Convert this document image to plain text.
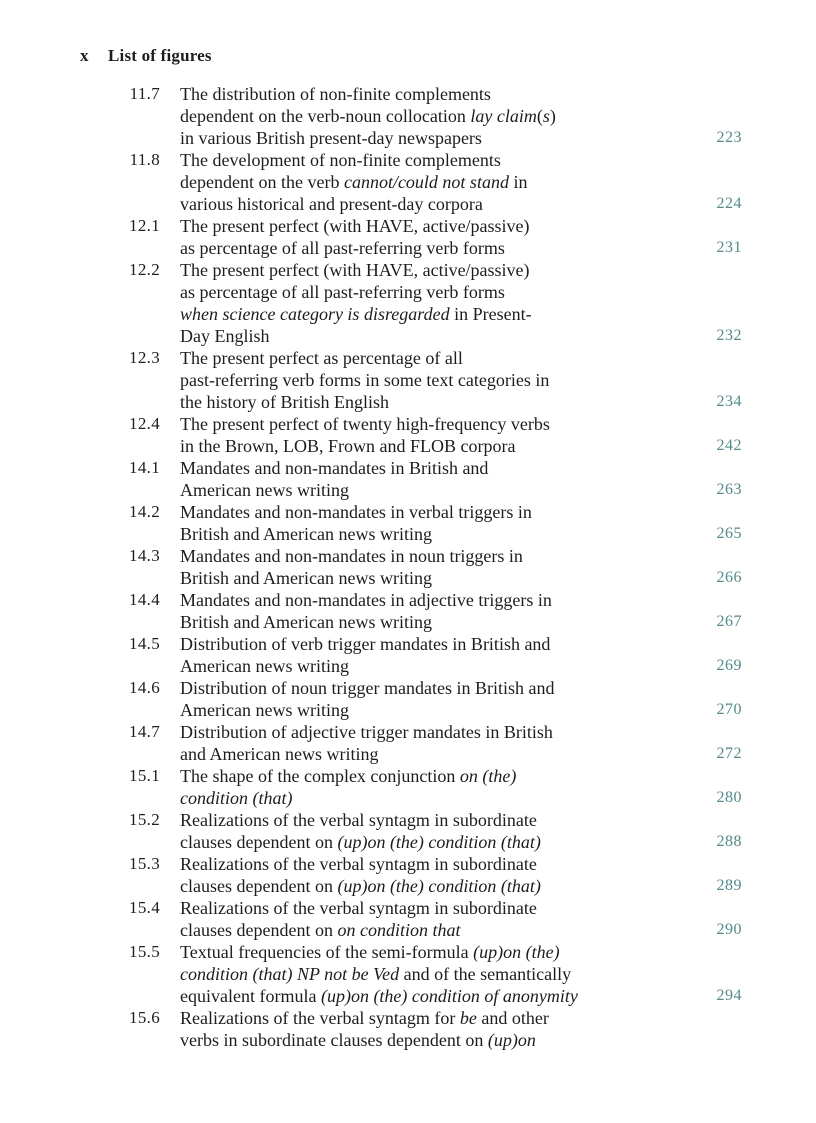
x List of figures
11.7 The distribution of non-finite complements
dependent on the verb-noun collocation lay claim(s)
in various British present-day newspapers	223
11.8 The development of non-finite complements
dependent on the verb cannot/could not stand in
various historical and present-day corpora	224
12.1 The present perfect (with HAVE, active/passive)
as percentage of all past-referring verb forms	231
12.2 The present perfect (with HAVE, active/passive)
as percentage of all past-referring verb forms
when science category is disregarded in Present-
Day English	232
12.3 The present perfect as percentage of all
past-referring verb forms in some text categories in
the history of British English	234
12.4 The present perfect of twenty high-frequency verbs
in the Brown, LOB, Frown and FLOB corpora	242
14.1 Mandates and non-mandates in British and
American news writing	263
14.2 Mandates and non-mandates in verbal triggers in
British and American news writing	265
14.3 Mandates and non-mandates in noun triggers in
British and American news writing	266
14.4 Mandates and non-mandates in adjective triggers in
British and American news writing	267
14.5 Distribution of verb trigger mandates in British and
American news writing	269
14.6 Distribution of noun trigger mandates in British and
American news writing	270
14.7 Distribution of adjective trigger mandates in British
and American news writing	272
15.1 The shape of the complex conjunction on (the)
condition (that)	280
15.2 Realizations of the verbal syntagm in subordinate
clauses dependent on (up)on (the) condition (that)	288
15.3 Realizations of the verbal syntagm in subordinate
clauses dependent on (up)on (the) condition (that)	289
15.4 Realizations of the verbal syntagm in subordinate
clauses dependent on on condition that	290
15.5 Textual frequencies of the semi-formula (up)on (the)
condition (that) NP not be Ved and of the semantically
equivalent formula (up)on (the) condition of anonymity	294
15.6 Realizations of the verbal syntagm for be and other
verbs in subordinate clauses dependent on (up)on
